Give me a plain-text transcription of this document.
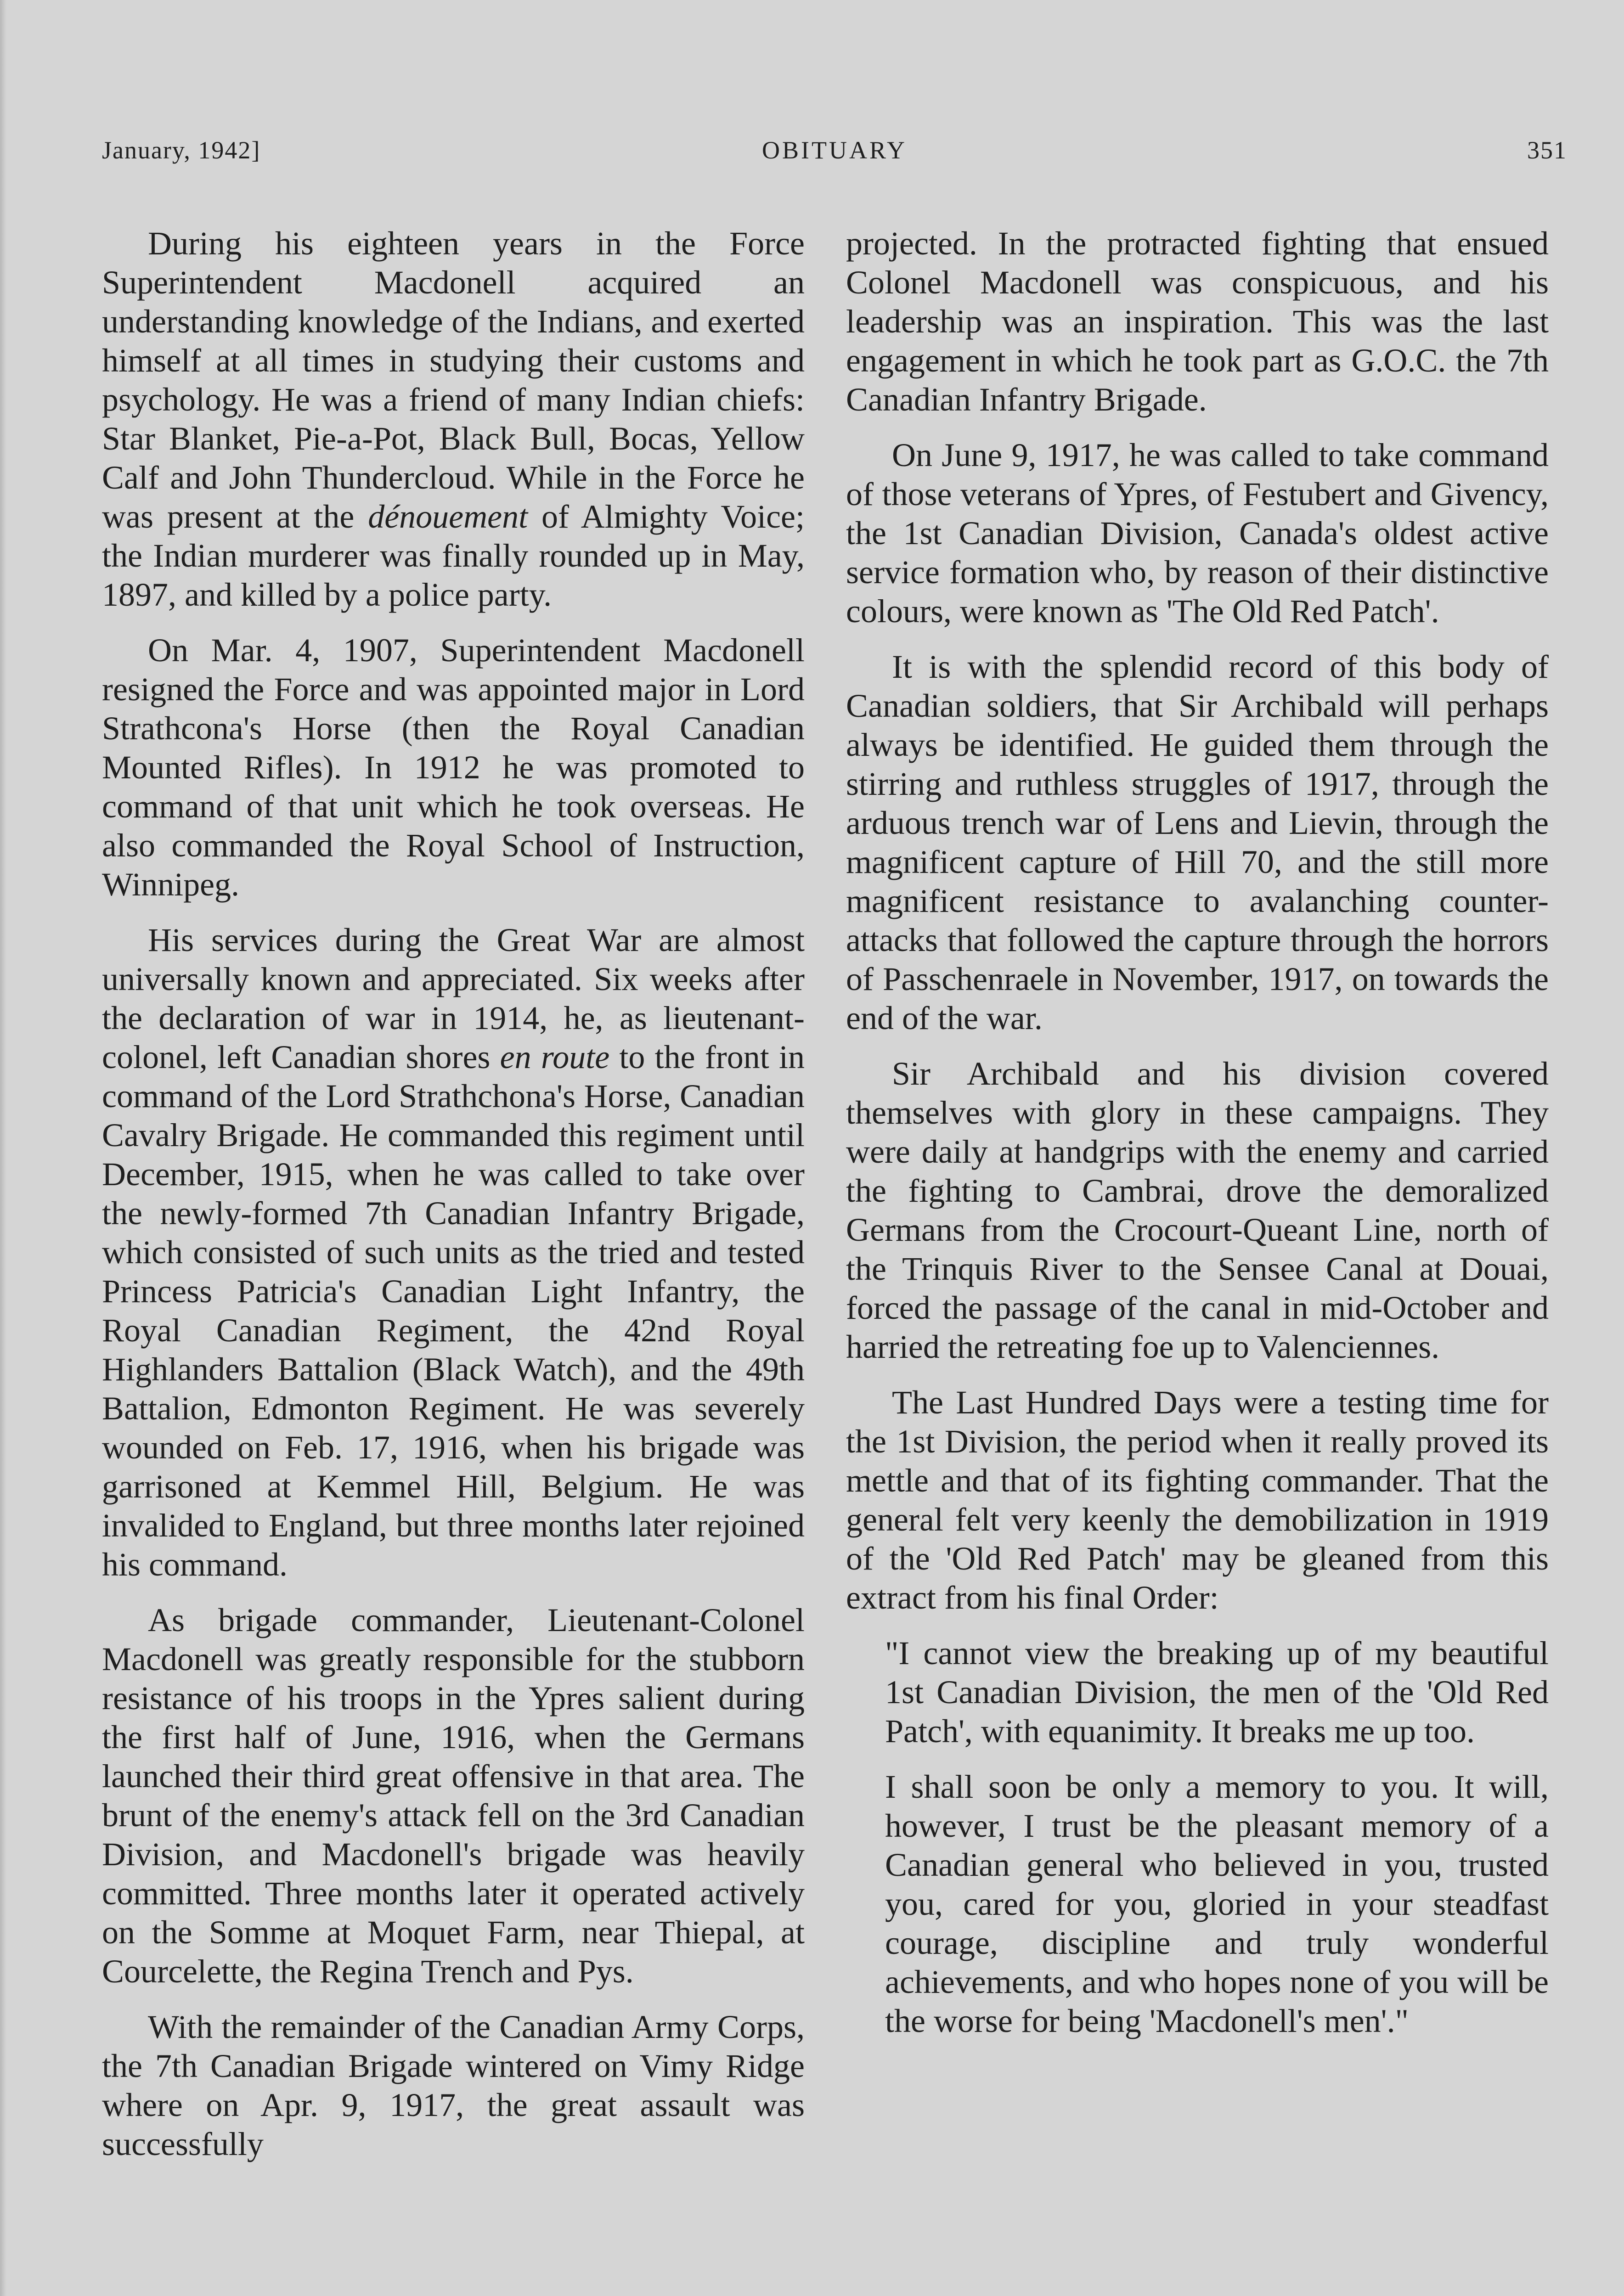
January, 1942]	OBITUARY	351

During his eighteen years in the Force Superintendent Macdonell acquired an understanding knowledge of the Indians, and exerted himself at all times in studying their customs and psychology. He was a friend of many Indian chiefs: Star Blanket, Pie-a-Pot, Black Bull, Bocas, Yellow Calf and John Thundercloud. While in the Force he was present at the dénouement of Almighty Voice; the Indian murderer was finally rounded up in May, 1897, and killed by a police party.

On Mar. 4, 1907, Superintendent Macdonell resigned the Force and was appointed major in Lord Strathcona's Horse (then the Royal Canadian Mounted Rifles). In 1912 he was promoted to command of that unit which he took overseas. He also commanded the Royal School of Instruction, Winnipeg.

His services during the Great War are almost universally known and appreciated. Six weeks after the declaration of war in 1914, he, as lieutenant-colonel, left Canadian shores en route to the front in command of the Lord Strathchona's Horse, Canadian Cavalry Brigade. He commanded this regiment until December, 1915, when he was called to take over the newly-formed 7th Canadian Infantry Brigade, which consisted of such units as the tried and tested Princess Patricia's Canadian Light Infantry, the Royal Canadian Regiment, the 42nd Royal Highlanders Battalion (Black Watch), and the 49th Battalion, Edmonton Regiment. He was severely wounded on Feb. 17, 1916, when his brigade was garrisoned at Kemmel Hill, Belgium. He was invalided to England, but three months later rejoined his command.

As brigade commander, Lieutenant-Colonel Macdonell was greatly responsible for the stubborn resistance of his troops in the Ypres salient during the first half of June, 1916, when the Germans launched their third great offensive in that area. The brunt of the enemy's attack fell on the 3rd Canadian Division, and Macdonell's brigade was heavily committed. Three months later it operated actively on the Somme at Moquet Farm, near Thiepal, at Courcelette, the Regina Trench and Pys.

With the remainder of the Canadian Army Corps, the 7th Canadian Brigade wintered on Vimy Ridge where on Apr. 9, 1917, the great assault was successfully

projected. In the protracted fighting that ensued Colonel Macdonell was conspicuous, and his leadership was an inspiration. This was the last engagement in which he took part as G.O.C. the 7th Canadian Infantry Brigade.

On June 9, 1917, he was called to take command of those veterans of Ypres, of Festubert and Givency, the 1st Canadian Division, Canada's oldest active service formation who, by reason of their distinctive colours, were known as 'The Old Red Patch'.

It is with the splendid record of this body of Canadian soldiers, that Sir Archibald will perhaps always be identified. He guided them through the stirring and ruthless struggles of 1917, through the arduous trench war of Lens and Lievin, through the magnificent capture of Hill 70, and the still more magnificent resistance to avalanching counter-attacks that followed the capture through the horrors of Passchenraele in November, 1917, on towards the end of the war.

Sir Archibald and his division covered themselves with glory in these campaigns. They were daily at handgrips with the enemy and carried the fighting to Cambrai, drove the demoralized Germans from the Crocourt-Queant Line, north of the Trinquis River to the Sensee Canal at Douai, forced the passage of the canal in mid-October and harried the retreating foe up to Valenciennes.

The Last Hundred Days were a testing time for the 1st Division, the period when it really proved its mettle and that of its fighting commander. That the general felt very keenly the demobilization in 1919 of the 'Old Red Patch' may be gleaned from this extract from his final Order:

"I cannot view the breaking up of my beautiful 1st Canadian Division, the men of the 'Old Red Patch', with equanimity. It breaks me up too.

I shall soon be only a memory to you. It will, however, I trust be the pleasant memory of a Canadian general who believed in you, trusted you, cared for you, gloried in your steadfast courage, discipline and truly wonderful achievements, and who hopes none of you will be the worse for being 'Macdonell's men'."
